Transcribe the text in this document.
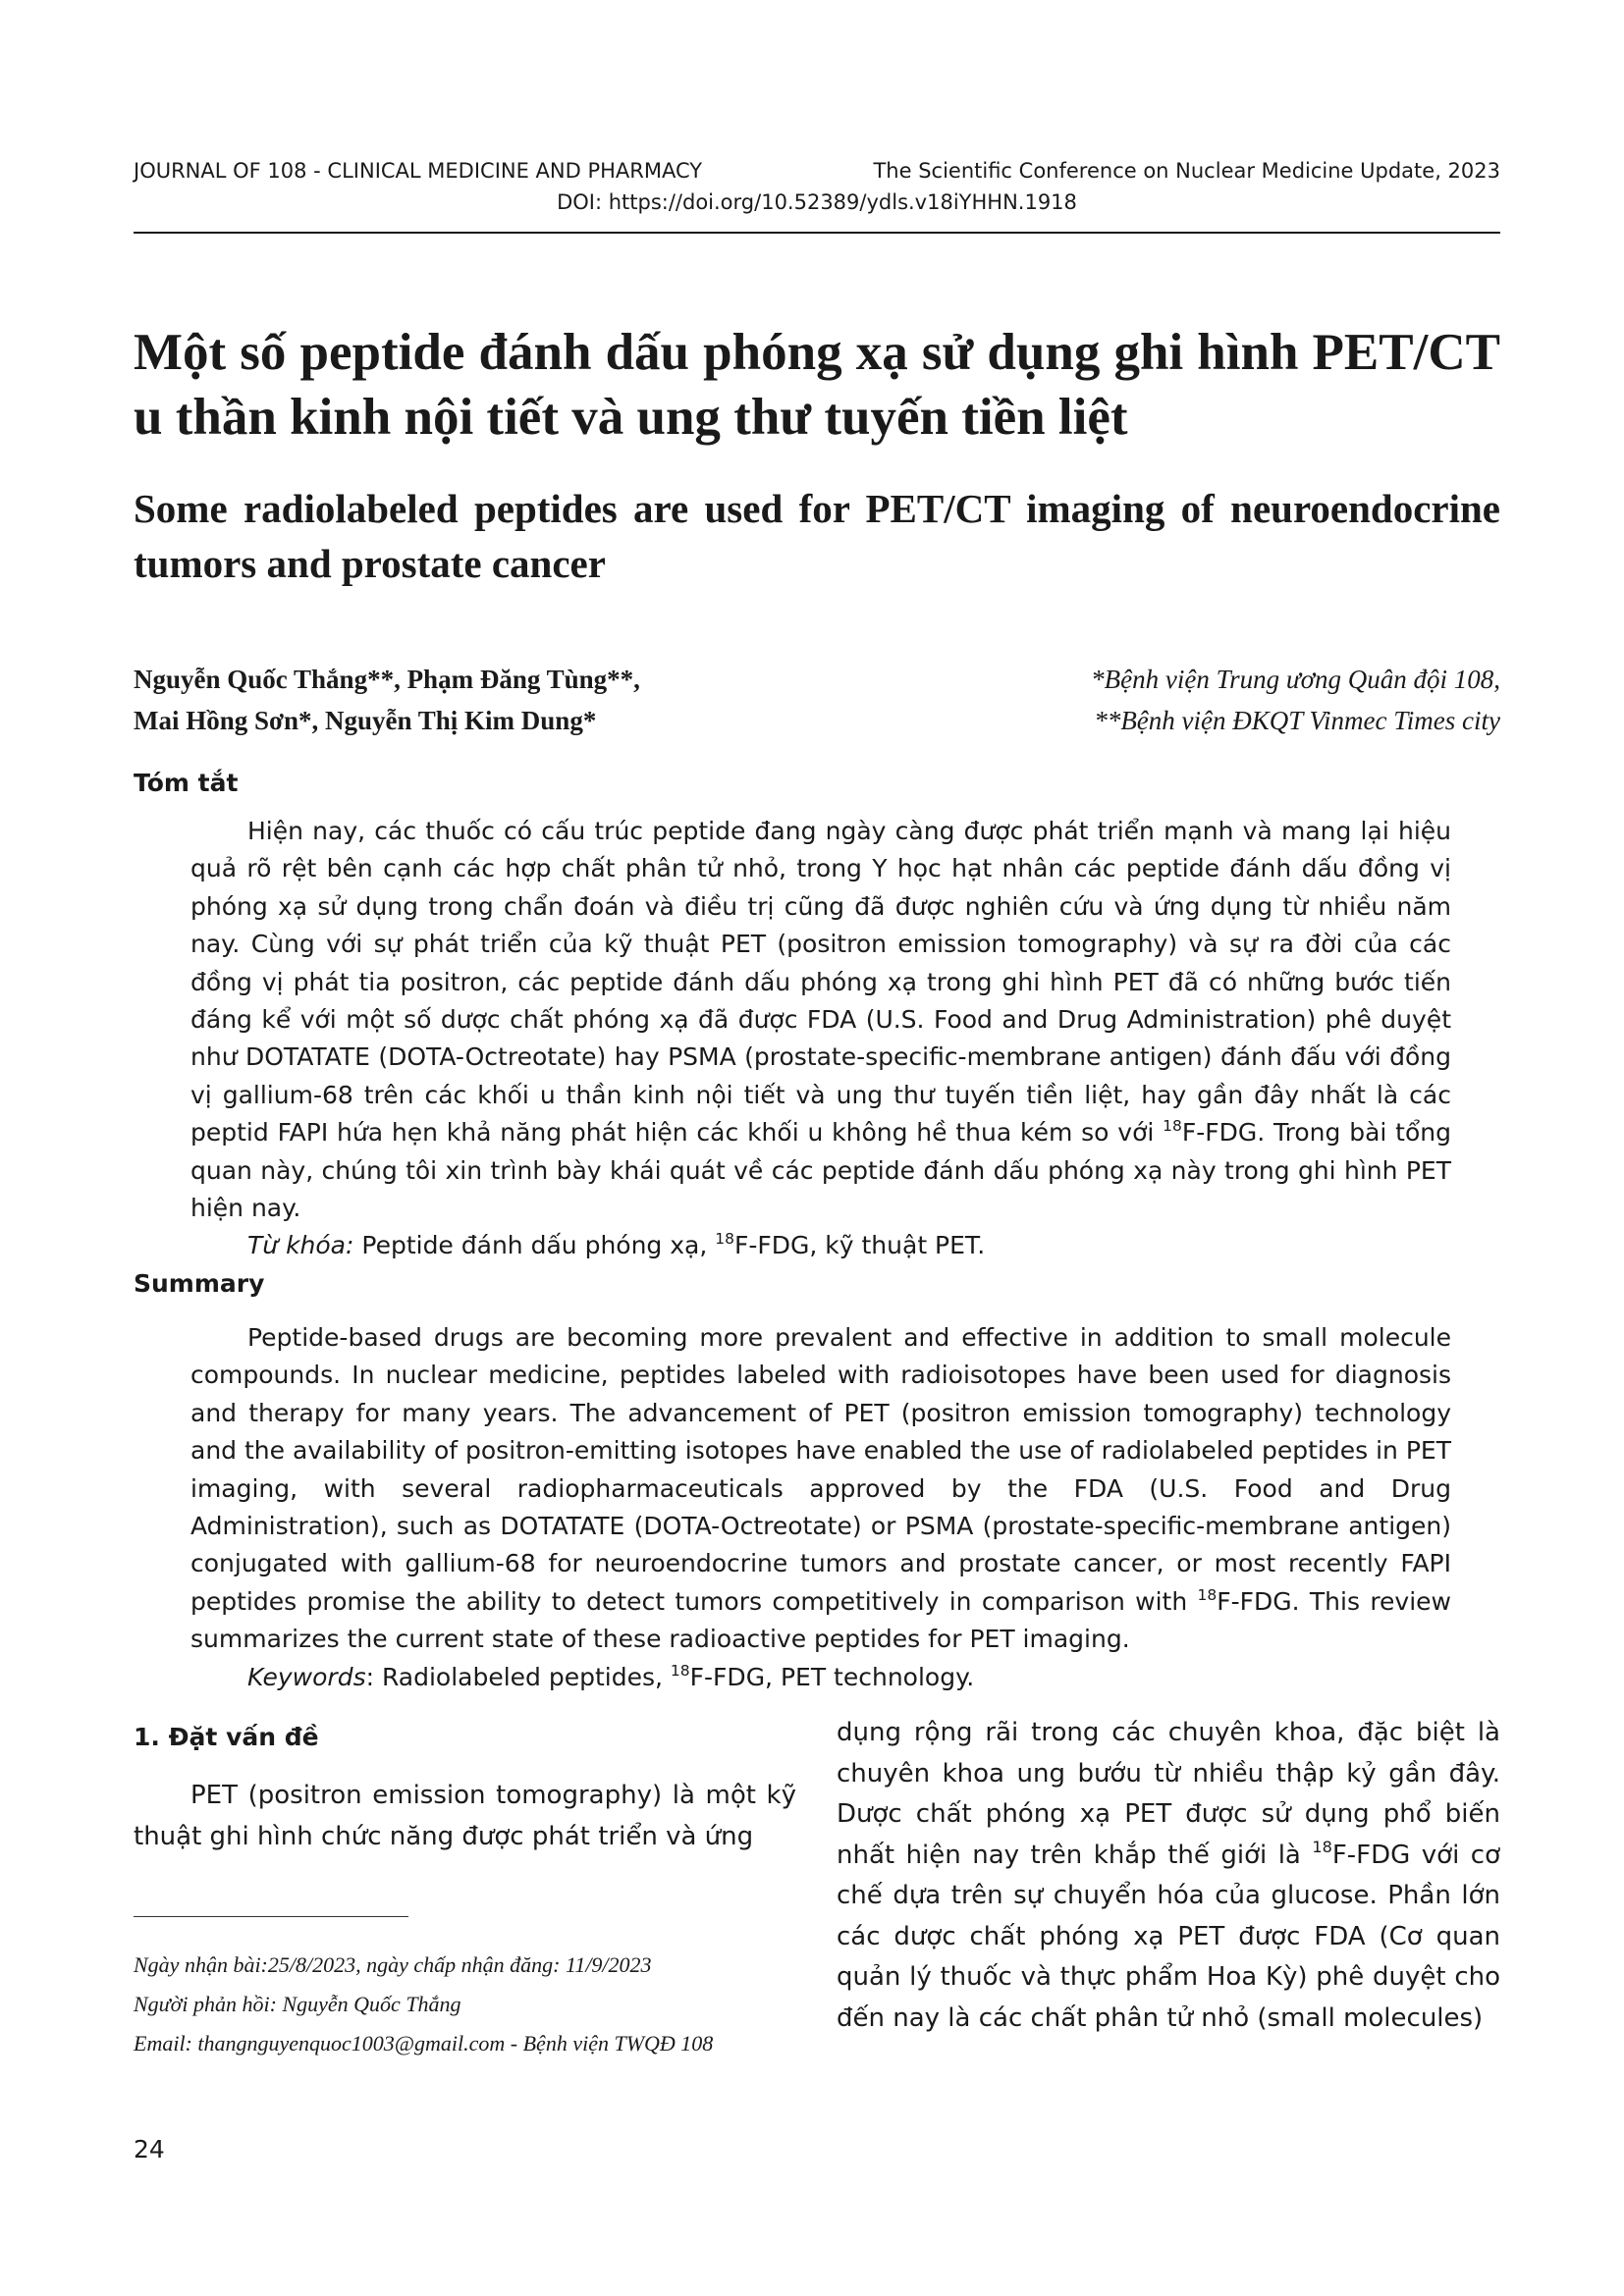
JOURNAL OF 108 - CLINICAL MEDICINE AND PHARMACY	The Scientific Conference on Nuclear Medicine Update, 2023
DOI: https://doi.org/10.52389/ydls.v18iYHHN.1918
Một số peptide đánh dấu phóng xạ sử dụng ghi hình PET/CT u thần kinh nội tiết và ung thư tuyến tiền liệt
Some radiolabeled peptides are used for PET/CT imaging of neuroendocrine tumors and prostate cancer
Nguyễn Quốc Thắng**, Phạm Đăng Tùng**,
Mai Hồng Sơn*, Nguyễn Thị Kim Dung*
*Bệnh viện Trung ương Quân đội 108,
**Bệnh viện ĐKQT Vinmec Times city
Tóm tắt

Hiện nay, các thuốc có cấu trúc peptide đang ngày càng được phát triển mạnh và mang lại hiệu quả rõ rệt bên cạnh các hợp chất phân tử nhỏ, trong Y học hạt nhân các peptide đánh dấu đồng vị phóng xạ sử dụng trong chẩn đoán và điều trị cũng đã được nghiên cứu và ứng dụng từ nhiều năm nay. Cùng với sự phát triển của kỹ thuật PET (positron emission tomography) và sự ra đời của các đồng vị phát tia positron, các peptide đánh dấu phóng xạ trong ghi hình PET đã có những bước tiến đáng kể với một số dược chất phóng xạ đã được FDA (U.S. Food and Drug Administration) phê duyệt như DOTATATE (DOTA-Octreotate) hay PSMA (prostate-specific-membrane antigen) đánh đấu với đồng vị gallium-68 trên các khối u thần kinh nội tiết và ung thư tuyến tiền liệt, hay gần đây nhất là các peptid FAPI hứa hẹn khả năng phát hiện các khối u không hề thua kém so với $^{18}$F-FDG. Trong bài tổng quan này, chúng tôi xin trình bày khái quát về các peptide đánh dấu phóng xạ này trong ghi hình PET hiện nay.

Từ khóa: Peptide đánh dấu phóng xạ, $^{18}$F-FDG, kỹ thuật PET.

Summary

Peptide-based drugs are becoming more prevalent and effective in addition to small molecule compounds. In nuclear medicine, peptides labeled with radioisotopes have been used for diagnosis and therapy for many years. The advancement of PET (positron emission tomography) technology and the availability of positron-emitting isotopes have enabled the use of radiolabeled peptides in PET imaging, with several radiopharmaceuticals approved by the FDA (U.S. Food and Drug Administration), such as DOTATATE (DOTA-Octreotate) or PSMA (prostate-specific-membrane antigen) conjugated with gallium-68 for neuroendocrine tumors and prostate cancer, or most recently FAPI peptides promise the ability to detect tumors competitively in comparison with $^{18}$F-FDG. This review summarizes the current state of these radioactive peptides for PET imaging.

Keywords: Radiolabeled peptides, $^{18}$F-FDG, PET technology.

1. Đặt vấn đề

PET (positron emission tomography) là một kỹ thuật ghi hình chức năng được phát triển và ứng

dụng rộng rãi trong các chuyên khoa, đặc biệt là chuyên khoa ung bướu từ nhiều thập kỷ gần đây. Dược chất phóng xạ PET được sử dụng phổ biến nhất hiện nay trên khắp thế giới là $^{18}$F-FDG với cơ chế dựa trên sự chuyển hóa của glucose. Phần lớn các dược chất phóng xạ PET được FDA (Cơ quan quản lý thuốc và thực phẩm Hoa Kỳ) phê duyệt cho đến nay là các chất phân tử nhỏ (small molecules)

Ngày nhận bài:25/8/2023, ngày chấp nhận đăng: 11/9/2023
Người phản hồi: Nguyễn Quốc Thắng
Email: thangnguyenquoc1003@gmail.com - Bệnh viện TWQĐ 108
24
